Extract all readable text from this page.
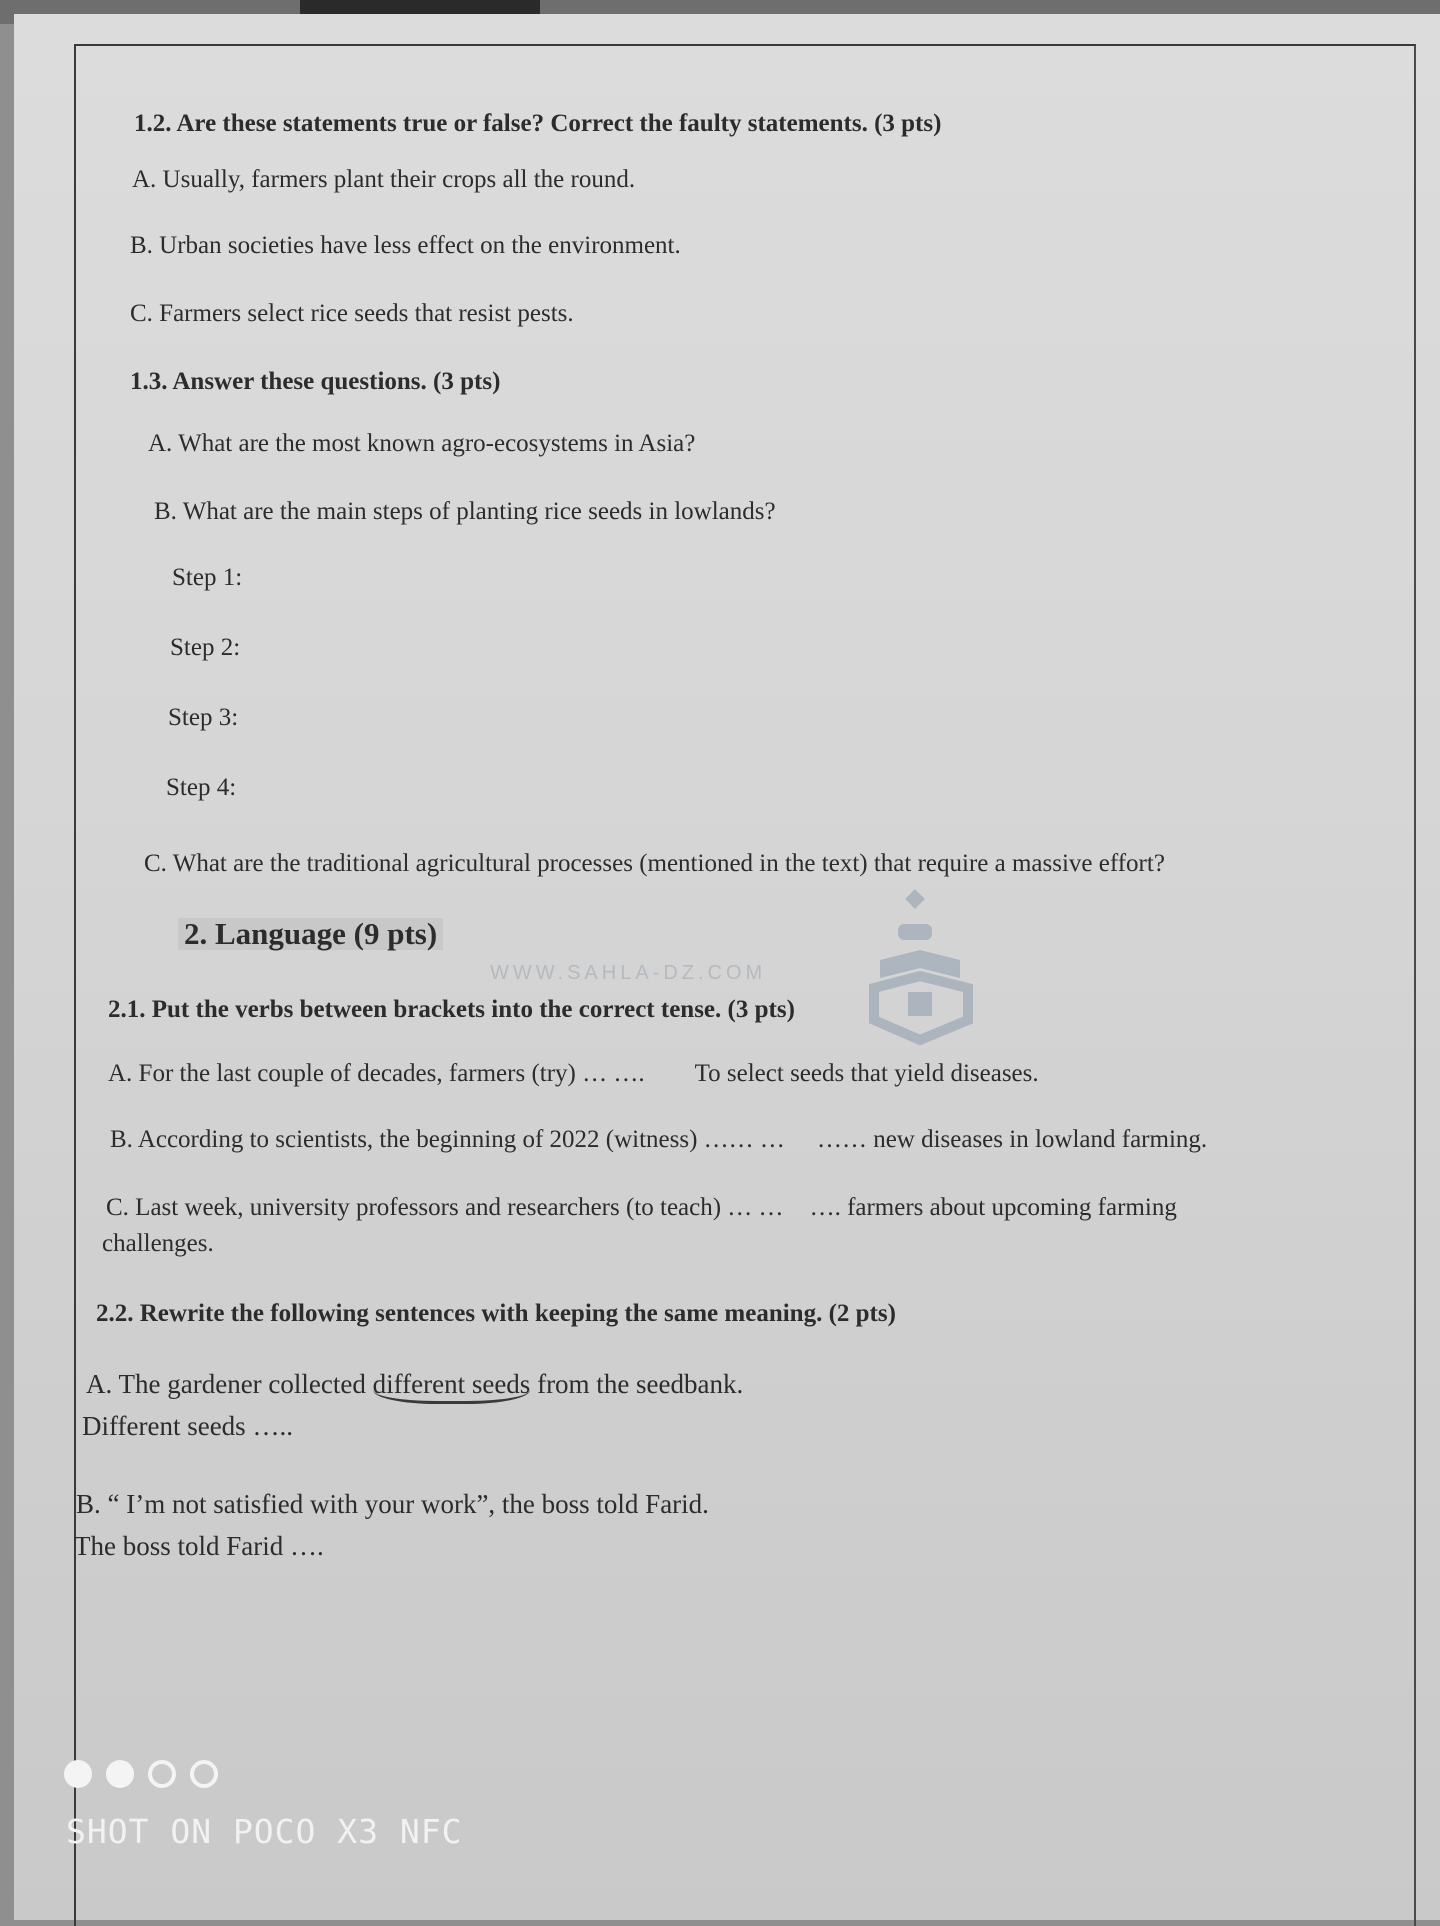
1.2. Are these statements true or false? Correct the faulty statements. (3 pts)
A. Usually, farmers plant their crops all the round.
B. Urban societies have less effect on the environment.
C. Farmers select rice seeds that resist pests.
1.3. Answer these questions. (3 pts)
A. What are the most known agro-ecosystems in Asia?
B. What are the main steps of planting rice seeds in lowlands?
Step 1:
Step 2:
Step 3:
Step 4:
C. What are the traditional agricultural processes (mentioned in the text) that require a massive effort?
2. Language (9 pts)
2.1. Put the verbs between brackets into the correct tense. (3 pts)
A. For the last couple of decades, farmers (try) … …. To select seeds that yield diseases.
B. According to scientists, the beginning of 2022 (witness) …… … …… new diseases in lowland farming.
C. Last week, university professors and researchers (to teach) … … …. farmers about upcoming farming
challenges.
2.2. Rewrite the following sentences with keeping the same meaning. (2 pts)
A. The gardener collected different seeds from the seedbank.
Different seeds …..
B. “ I’m not satisfied with your work”, the boss told Farid.
The boss told Farid ….
WWW.SAHLA-DZ.COM
SHOT ON POCO X3 NFC
